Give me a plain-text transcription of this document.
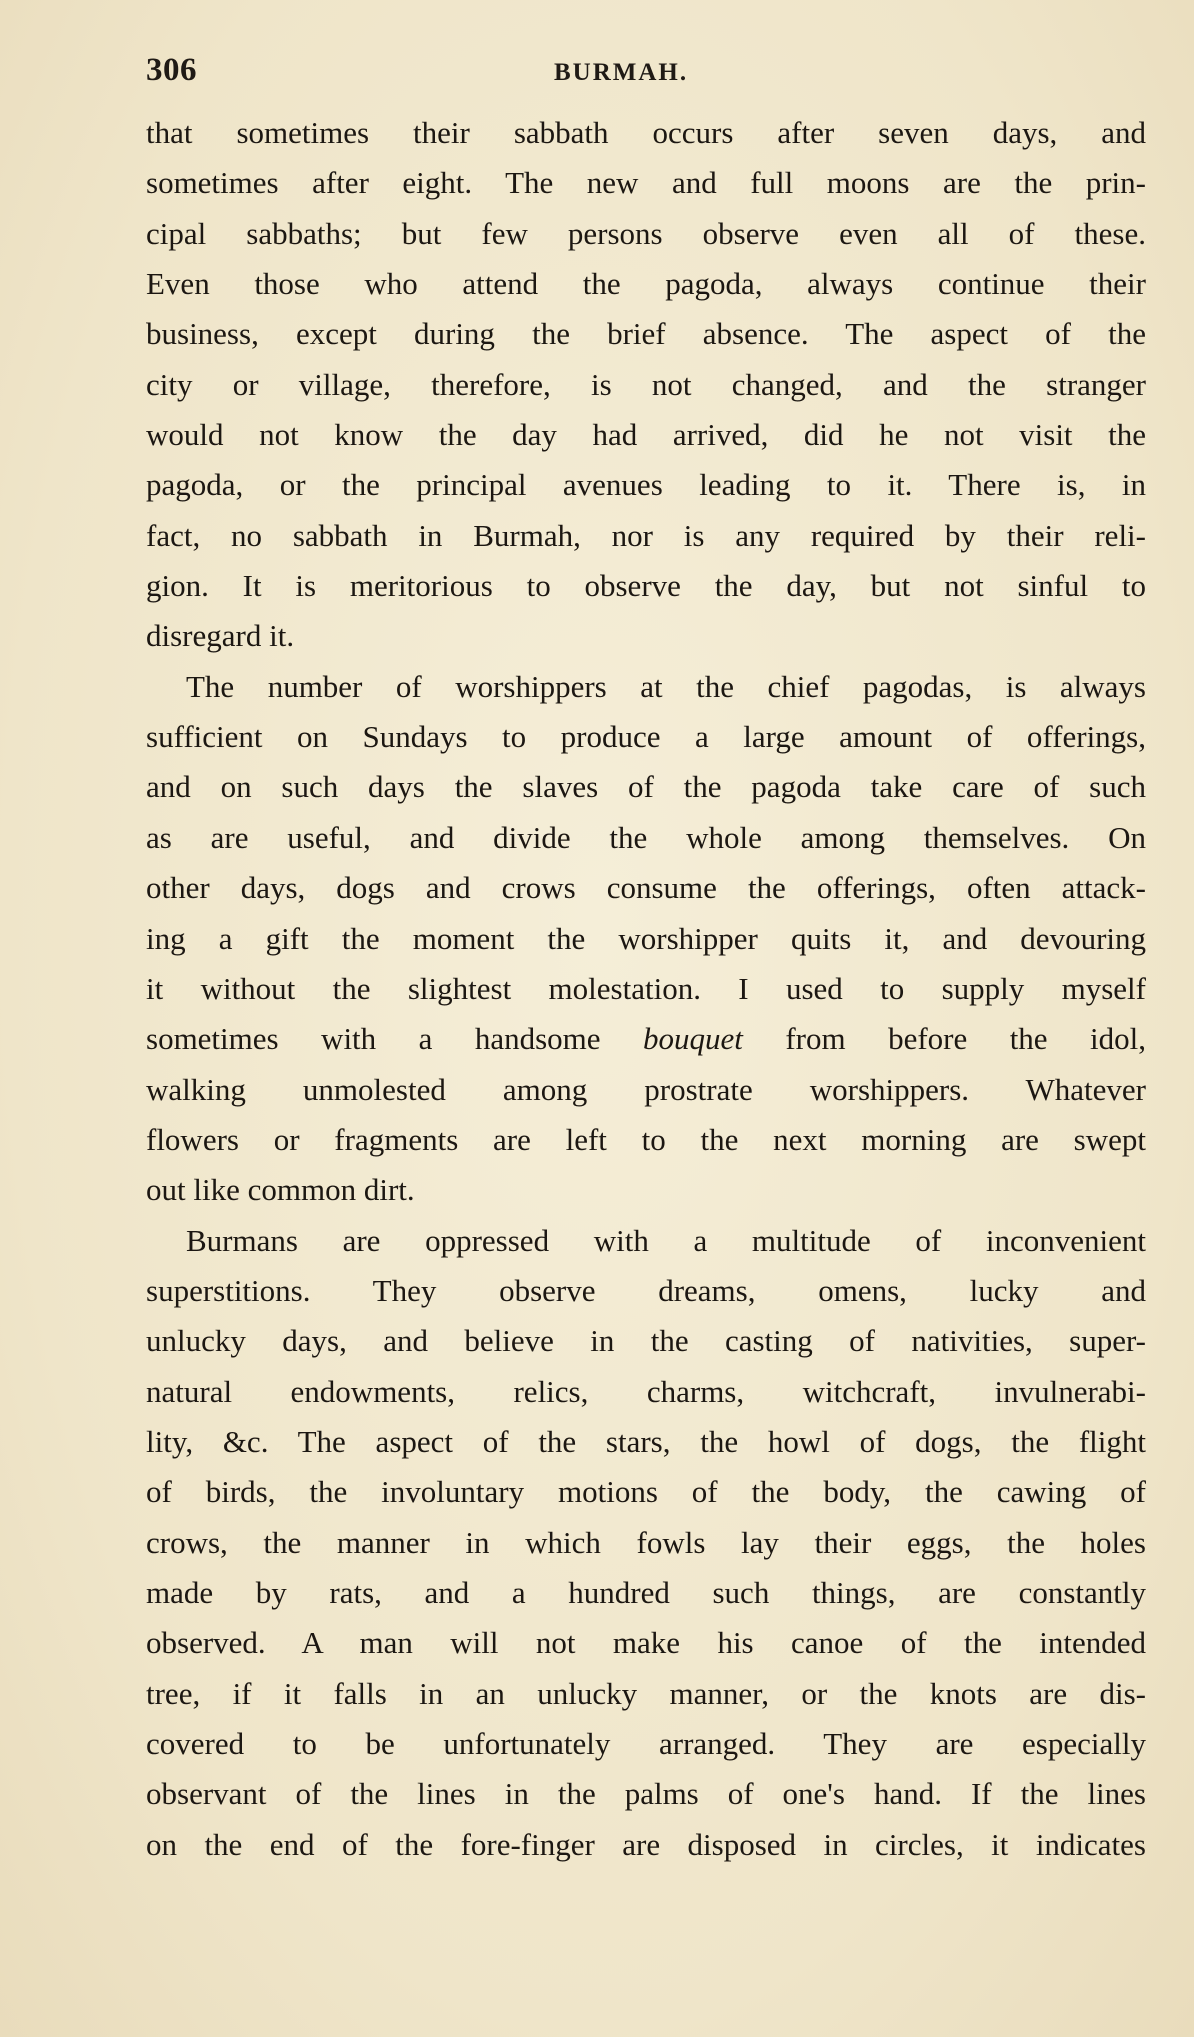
306	BURMAH.
that sometimes their sabbath occurs after seven days, and
sometimes after eight. The new and full moons are the prin-
cipal sabbaths; but few persons observe even all of these.
Even those who attend the pagoda, always continue their
business, except during the brief absence. The aspect of the
city or village, therefore, is not changed, and the stranger
would not know the day had arrived, did he not visit the
pagoda, or the principal avenues leading to it. There is, in
fact, no sabbath in Burmah, nor is any required by their reli-
gion. It is meritorious to observe the day, but not sinful to
disregard it.
The number of worshippers at the chief pagodas, is always
sufficient on Sundays to produce a large amount of offerings,
and on such days the slaves of the pagoda take care of such
as are useful, and divide the whole among themselves. On
other days, dogs and crows consume the offerings, often attack-
ing a gift the moment the worshipper quits it, and devouring
it without the slightest molestation. I used to supply myself
sometimes with a handsome bouquet from before the idol,
walking unmolested among prostrate worshippers. Whatever
flowers or fragments are left to the next morning are swept
out like common dirt.
Burmans are oppressed with a multitude of inconvenient
superstitions. They observe dreams, omens, lucky and
unlucky days, and believe in the casting of nativities, super-
natural endowments, relics, charms, witchcraft, invulnerabi-
lity, &c. The aspect of the stars, the howl of dogs, the flight
of birds, the involuntary motions of the body, the cawing of
crows, the manner in which fowls lay their eggs, the holes
made by rats, and a hundred such things, are constantly
observed. A man will not make his canoe of the intended
tree, if it falls in an unlucky manner, or the knots are dis-
covered to be unfortunately arranged. They are especially
observant of the lines in the palms of one's hand. If the lines
on the end of the fore-finger are disposed in circles, it indicates
